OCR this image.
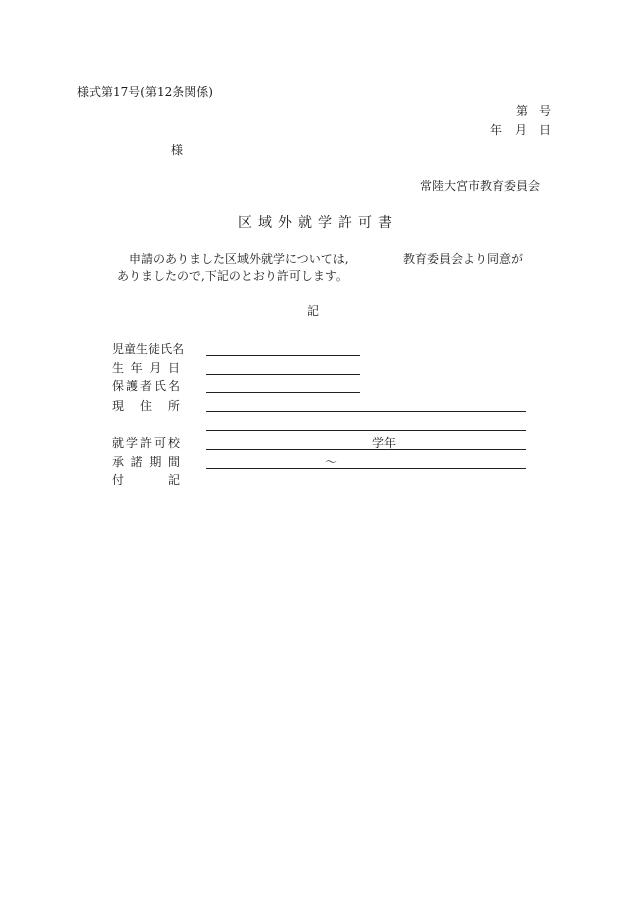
様式第17号(第12条関係)
第 号
年 月 日
様
常陸大宮市教育委員会
区域外就学許可書
申請のありました区域外就学については,	教育委員会より同意が
ありましたので,下記のとおり許可します。
記
児童生徒氏名
生 年 月 日
保 護 者 氏 名
現 住 所
就 学 許 可 校	学年
承 諾 期 間	〜
付	記
